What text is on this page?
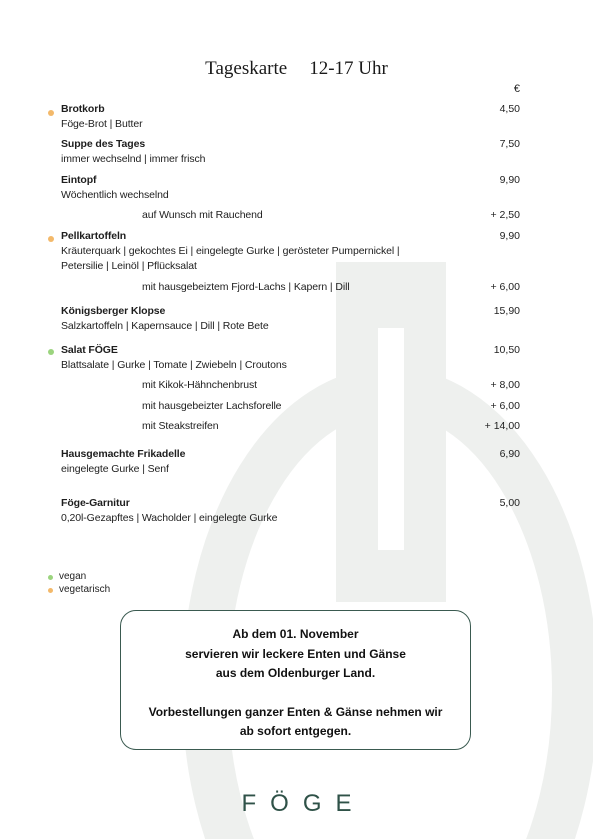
Tageskarte 12-17 Uhr
€
Brotkorb	4,50
Föge-Brot | Butter
Suppe des Tages	7,50
immer wechselnd | immer frisch
Eintopf	9,90
Wöchentlich wechselnd
auf Wunsch mit Rauchend	+ 2,50
Pellkartoffeln	9,90
Kräuterquark | gekochtes Ei | eingelegte Gurke | gerösteter Pumpernickel |
Petersilie | Leinöl | Pflücksalat
mit hausgebeiztem Fjord-Lachs | Kapern | Dill	+ 6,00
Königsberger Klopse	15,90
Salzkartoffeln | Kapernsauce | Dill | Rote Bete
Salat FÖGE	10,50
Blattsalate | Gurke | Tomate | Zwiebeln | Croutons
mit Kikok-Hähnchenbrust	+ 8,00
mit hausgebeizter Lachsforelle	+ 6,00
mit Steakstreifen	+ 14,00
Hausgemachte Frikadelle	6,90
eingelegte Gurke | Senf
Föge-Garnitur	5,00
0,20l-Gezapftes | Wacholder | eingelegte Gurke
vegan
vegetarisch

Ab dem 01. November

servieren wir leckere Enten und Gänse

aus dem Oldenburger Land.

Vorbestellungen ganzer Enten & Gänse nehmen wir

ab sofort entgegen.

FÖGE
